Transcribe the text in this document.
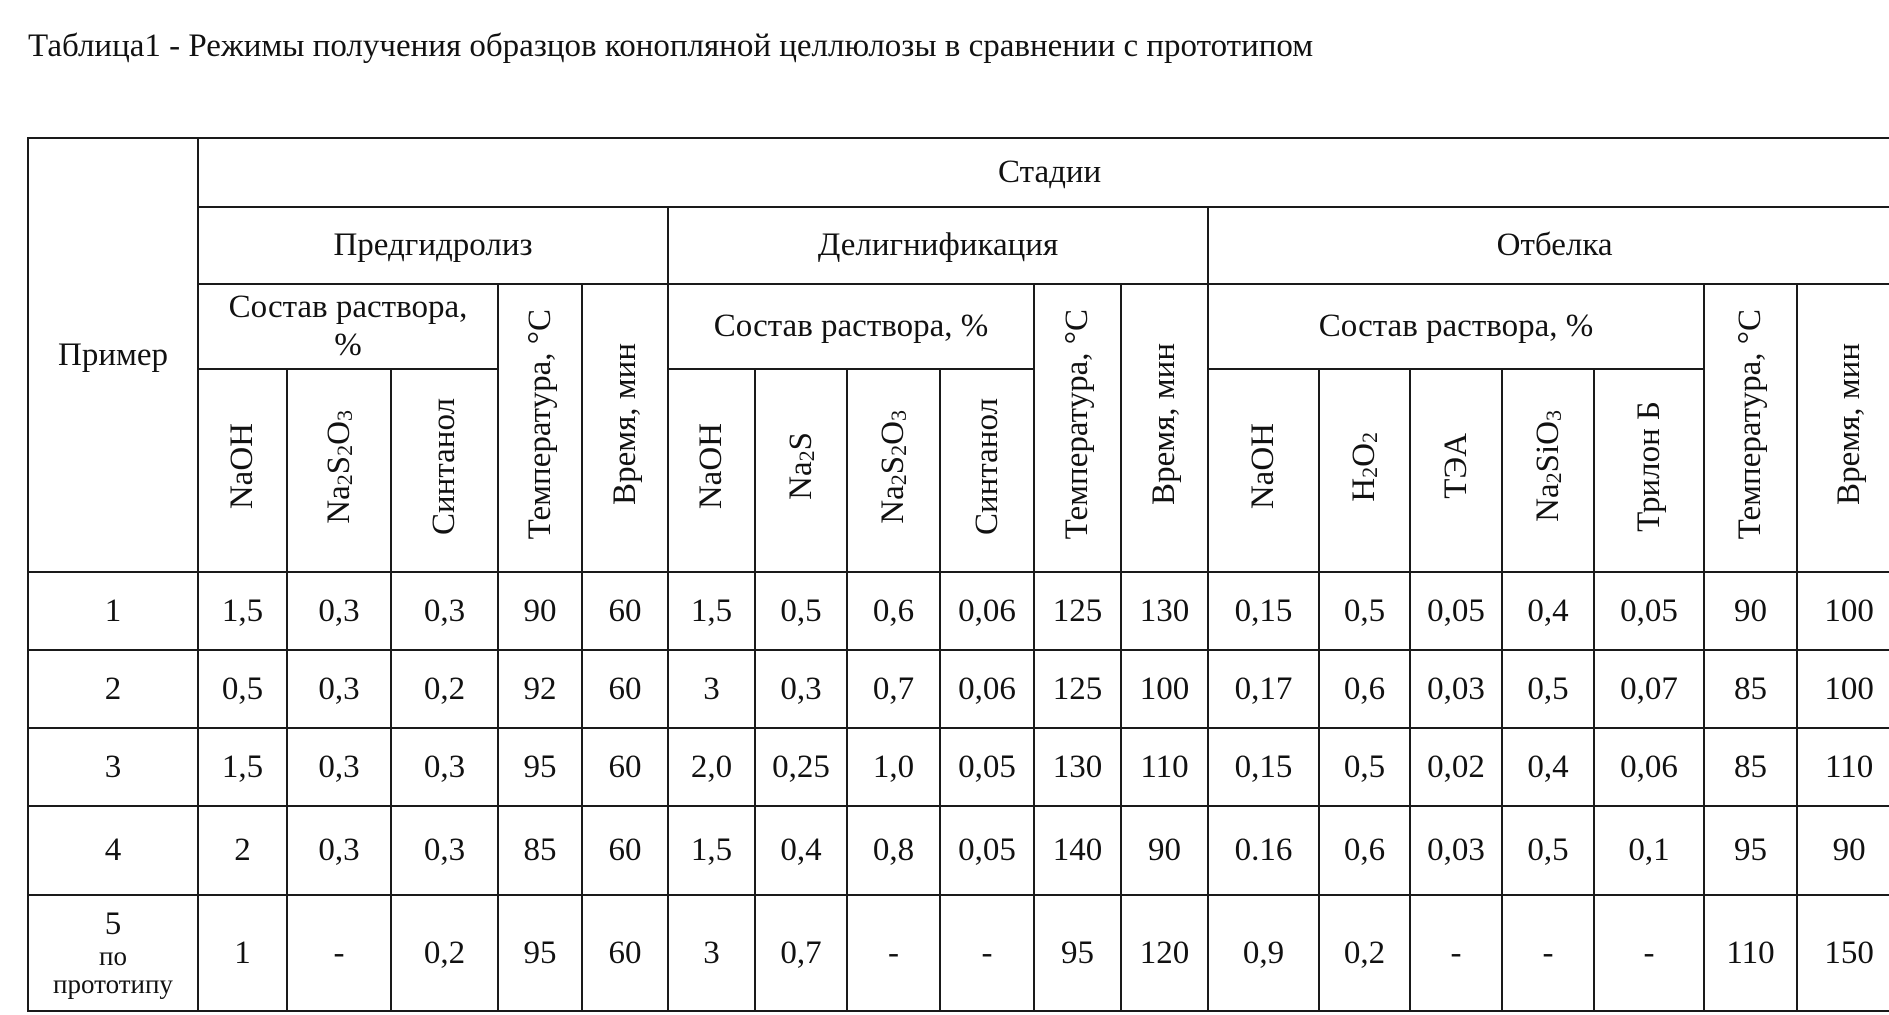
Таблица1 - Режимы получения образцов конопляной целлюлозы в сравнении с прототипом
Пример	Стадии																	
	Предгидролиз					Делигнификация						Отбелка						
	Состав раствора, %			Температура, °С	Время, мин	Состав раствора, %				Температура, °С	Время, мин	Состав раствора, %					Температура, °С	Время, мин
	NaOH	$Na_2S_2O_3$	Синтанол			NaOH	$Na_2S$	$Na_2S_2O_3$	Синтанол			NaOH	$H_2O_2$	ТЭА	$Na_2SiO_3$	Трилон Б		
1	1,5	0,3	0,3	90	60	1,5	0,5	0,6	0,06	125	130	0,15	0,5	0,05	0,4	0,05	90	100
2	0,5	0,3	0,2	92	60	3	0,3	0,7	0,06	125	100	0,17	0,6	0,03	0,5	0,07	85	100
3	1,5	0,3	0,3	95	60	2,0	0,25	1,0	0,05	130	110	0,15	0,5	0,02	0,4	0,06	85	110
4	2	0,3	0,3	85	60	1,5	0,4	0,8	0,05	140	90	0.16	0,6	0,03	0,5	0,1	95	90

5
по
прототипу	1	-	0,2	95	60	3	0,7	-	-	95	120	0,9	0,2	-	-	-	110	150
